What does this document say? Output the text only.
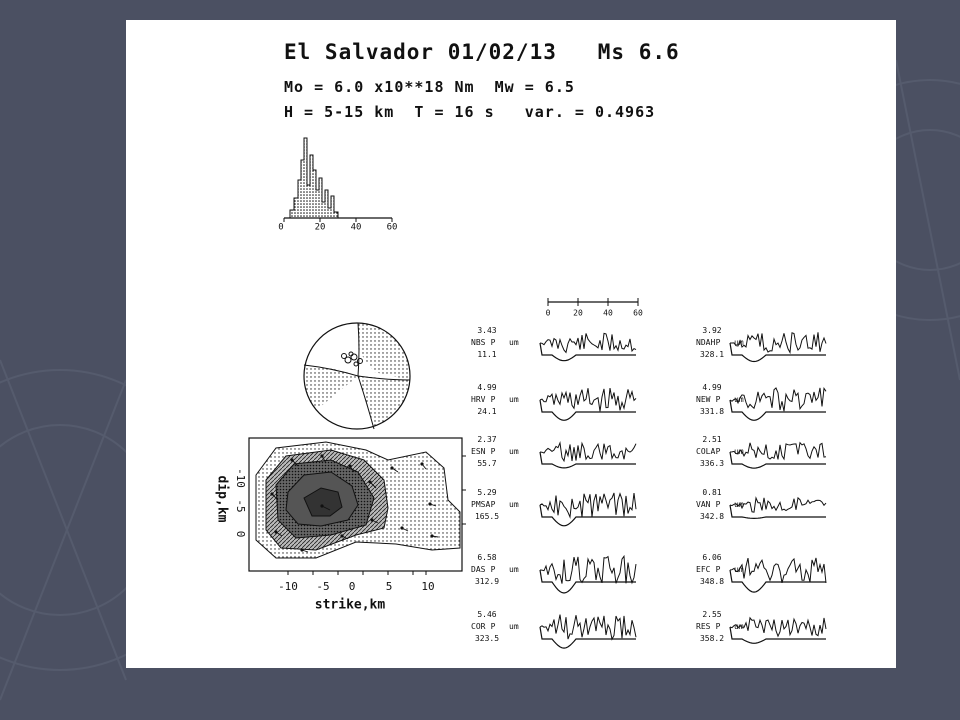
El Salvador 01/02/13   Ms 6.6
Mo = 6.0 x10**18 Nm  Mw = 6.5
H = 5-15 km  T = 16 s   var. = 0.4963
0	20	40	60
-10 -5 0	5	10
strike,km
-10
-5
0
dip,km
0	20	40	60
3.43
NBS P um
11.1
4.99
HRV P um
24.1
2.37
ESN P um
55.7
5.29
PMSA P um
165.5
6.58
DAS P um
312.9
5.46
COR P um
323.5
3.92
NDAH P um
328.1
4.99
NEW P um
331.8
2.51
COLA P um
336.3
0.81
VAN P um
342.8
6.06
EFC P um
348.8
2.55
RES P um
358.2
